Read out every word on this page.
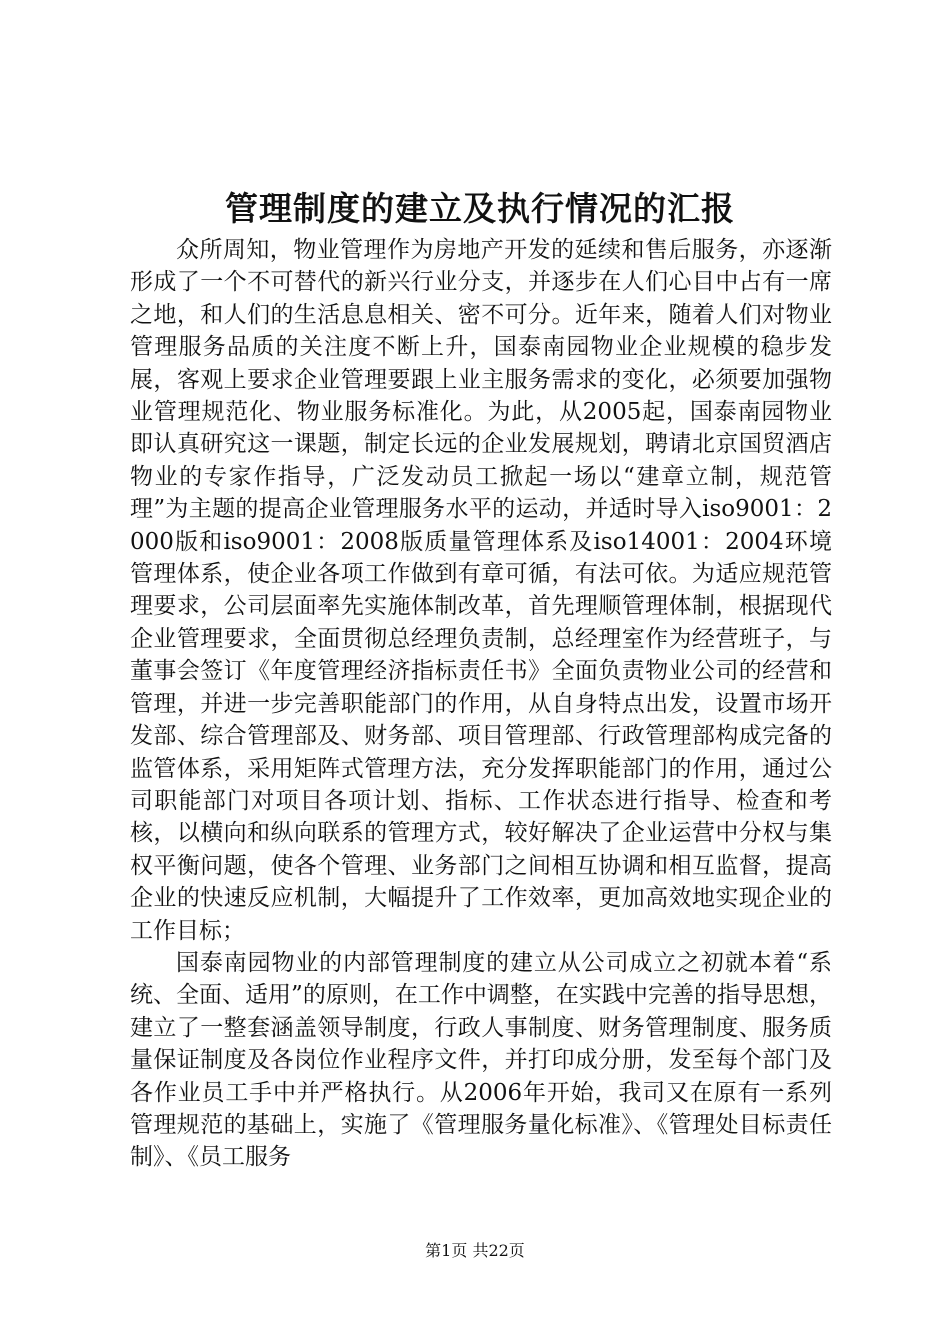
管理制度的建立及执行情况的汇报

众所周知，物业管理作为房地产开发的延续和售后服务，亦逐渐形成了一个不可替代的新兴行业分支，并逐步在人们心目中占有一席之地，和人们的生活息息相关、密不可分。近年来，随着人们对物业管理服务品质的关注度不断上升，国泰南园物业企业规模的稳步发展，客观上要求企业管理要跟上业主服务需求的变化，必须要加强物业管理规范化、物业服务标准化。为此，从2005起，国泰南园物业即认真研究这一课题，制定长远的企业发展规划，聘请北京国贸酒店物业的专家作指导，广泛发动员工掀起一场以“建章立制，规范管理”为主题的提高企业管理服务水平的运动，并适时导入iso9001：2000版和iso9001：2008版质量管理体系及iso14001：2004环境管理体系，使企业各项工作做到有章可循，有法可依。为适应规范管理要求，公司层面率先实施体制改革，首先理顺管理体制，根据现代企业管理要求，全面贯彻总经理负责制，总经理室作为经营班子，与董事会签订《年度管理经济指标责任书》全面负责物业公司的经营和管理，并进一步完善职能部门的作用，从自身特点出发，设置市场开发部、综合管理部及、财务部、项目管理部、行政管理部构成完备的监管体系，采用矩阵式管理方法，充分发挥职能部门的作用，通过公司职能部门对项目各项计划、指标、工作状态进行指导、检查和考核，以横向和纵向联系的管理方式，较好解决了企业运营中分权与集权平衡问题，使各个管理、业务部门之间相互协调和相互监督，提高企业的快速反应机制，大幅提升了工作效率，更加高效地实现企业的工作目标；

国泰南园物业的内部管理制度的建立从公司成立之初就本着“系统、全面、适用”的原则，在工作中调整，在实践中完善的指导思想，建立了一整套涵盖领导制度，行政人事制度、财务管理制度、服务质量保证制度及各岗位作业程序文件，并打印成分册，发至每个部门及各作业员工手中并严格执行。从2006年开始，我司又在原有一系列管理规范的基础上，实施了《管理服务量化标准》、《管理处目标责任制》、《员工服务

第1页 共22页
